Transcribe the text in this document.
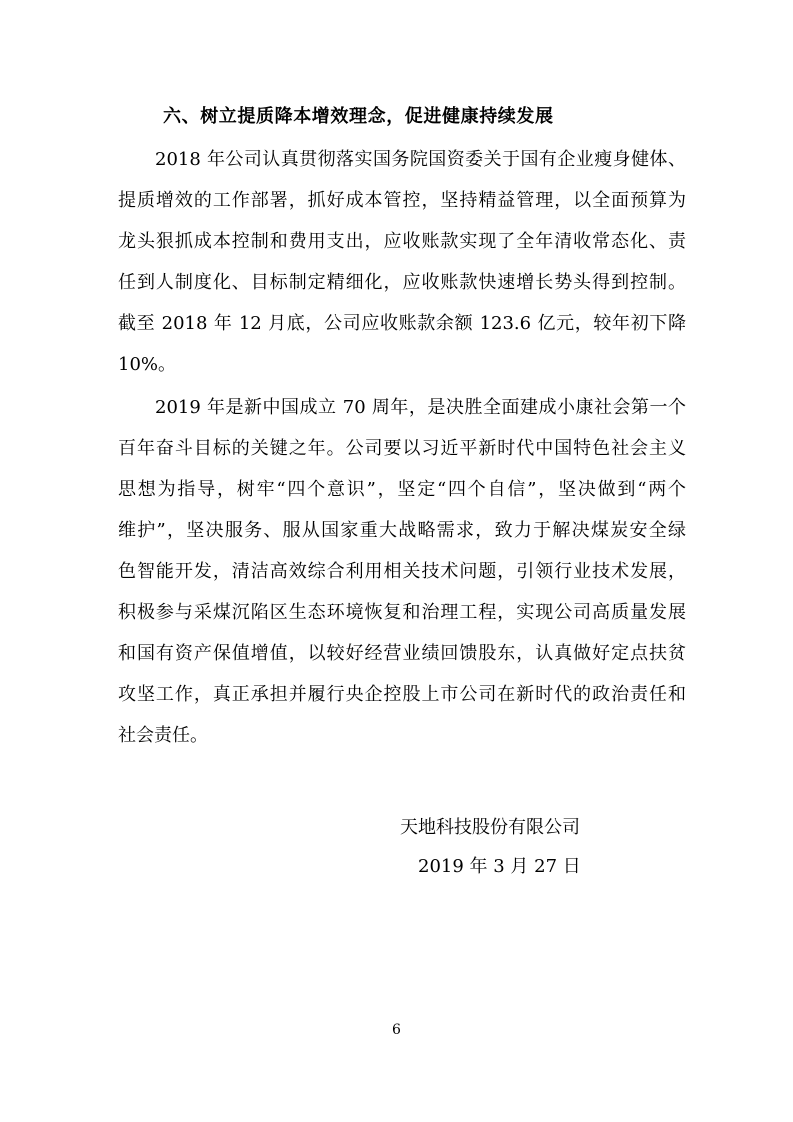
六、树立提质降本增效理念，促进健康持续发展
2018 年公司认真贯彻落实国务院国资委关于国有企业瘦身健体、
提质增效的工作部署，抓好成本管控，坚持精益管理，以全面预算为
龙头狠抓成本控制和费用支出，应收账款实现了全年清收常态化、责
任到人制度化、目标制定精细化，应收账款快速增长势头得到控制。
截至 2018 年 12 月底，公司应收账款余额 123.6 亿元，较年初下降
10%。
2019 年是新中国成立 70 周年，是决胜全面建成小康社会第一个
百年奋斗目标的关键之年。公司要以习近平新时代中国特色社会主义
思想为指导，树牢“四个意识”，坚定“四个自信”，坚决做到“两个
维护”，坚决服务、服从国家重大战略需求，致力于解决煤炭安全绿
色智能开发，清洁高效综合利用相关技术问题，引领行业技术发展，
积极参与采煤沉陷区生态环境恢复和治理工程，实现公司高质量发展
和国有资产保值增值，以较好经营业绩回馈股东，认真做好定点扶贫
攻坚工作，真正承担并履行央企控股上市公司在新时代的政治责任和
社会责任。
天地科技股份有限公司
2019 年 3 月 27 日
6
